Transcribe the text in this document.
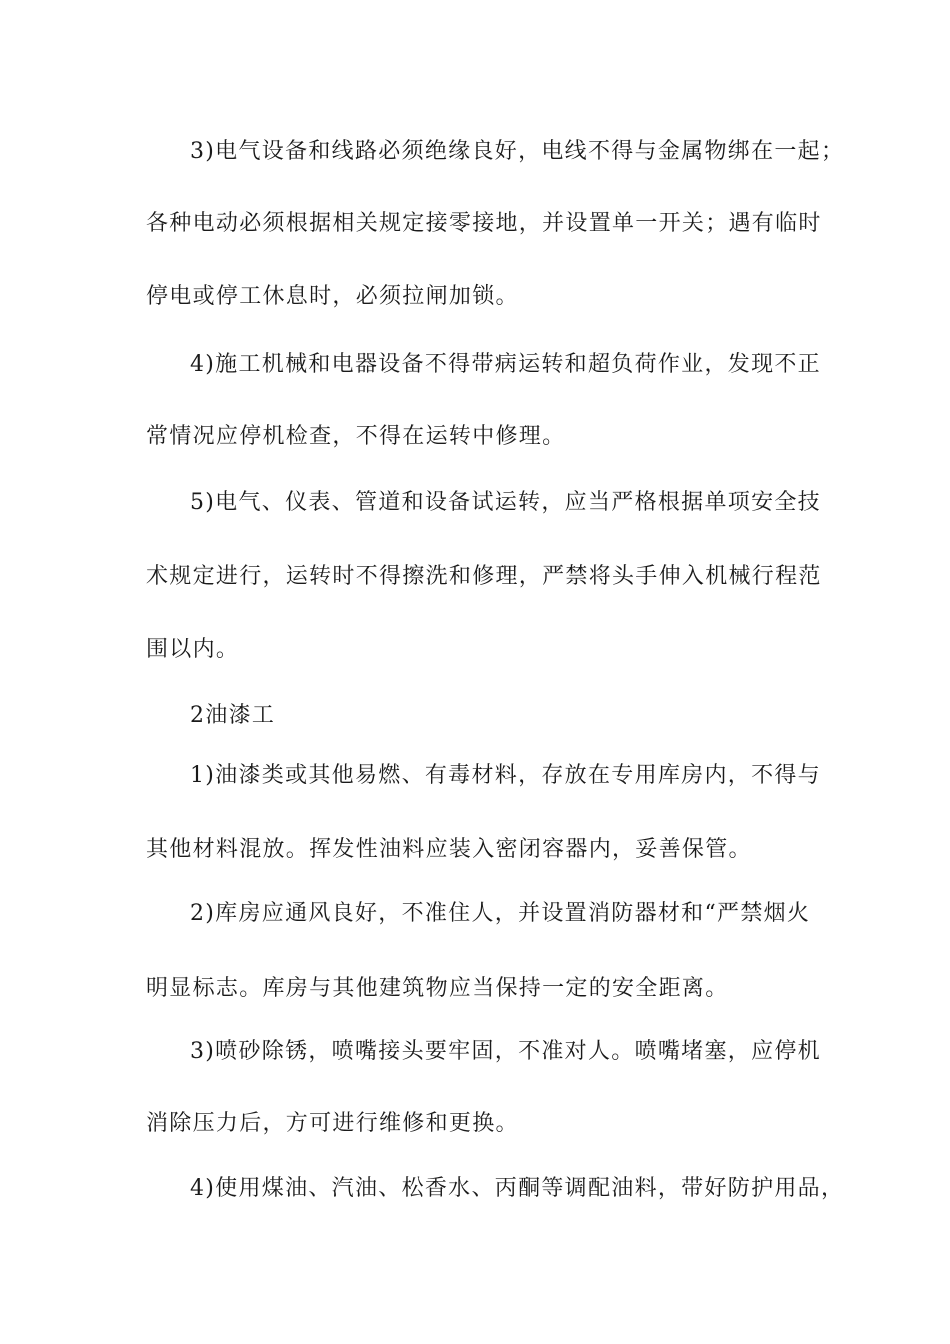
3)电气设备和线路必须绝缘良好，电线不得与金属物绑在一起；
各种电动必须根据相关规定接零接地，并设置单一开关；遇有临时
停电或停工休息时，必须拉闸加锁。
4)施工机械和电器设备不得带病运转和超负荷作业，发现不正
常情况应停机检查，不得在运转中修理。
5)电气、仪表、管道和设备试运转，应当严格根据单项安全技
术规定进行，运转时不得擦洗和修理，严禁将头手伸入机械行程范
围以内。
2油漆工
1)油漆类或其他易燃、有毒材料，存放在专用库房内，不得与
其他材料混放。挥发性油料应装入密闭容器内，妥善保管。
2)库房应通风良好，不准住人，并设置消防器材和“严禁烟火
明显标志。库房与其他建筑物应当保持一定的安全距离。
3)喷砂除锈，喷嘴接头要牢固，不准对人。喷嘴堵塞，应停机
消除压力后，方可进行维修和更换。
4)使用煤油、汽油、松香水、丙酮等调配油料，带好防护用品，
